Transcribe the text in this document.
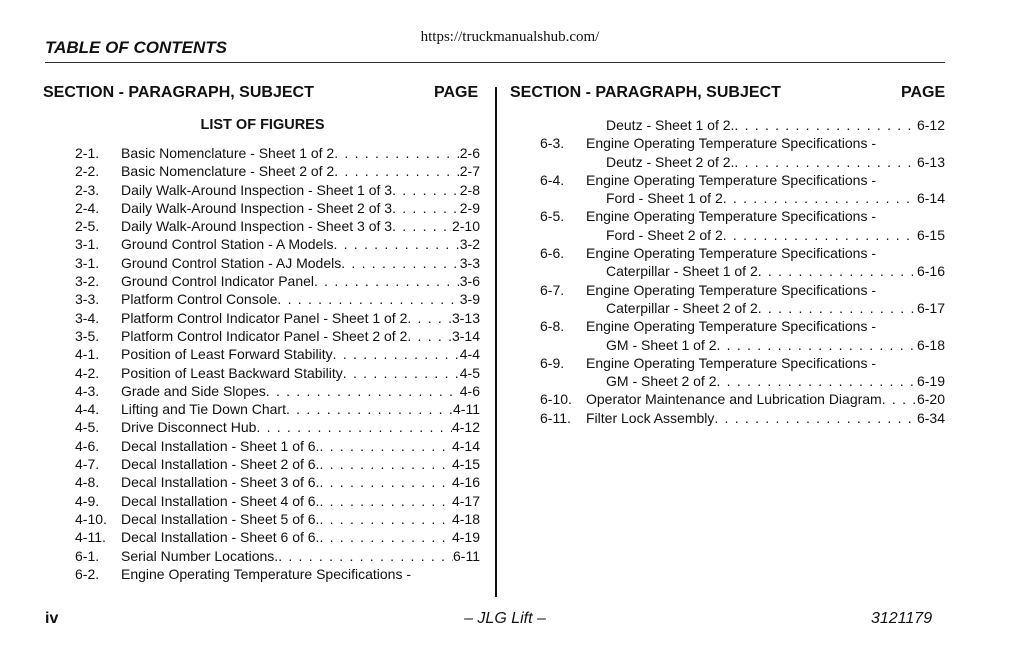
https://truckmanualshub.com/
TABLE OF CONTENTS
SECTION - PARAGRAPH, SUBJECT	PAGE SECTION - PARAGRAPH, SUBJECT	PAGE
LIST OF FIGURES
2-1. Basic Nomenclature - Sheet 1 of 2 . . .	2-6
2-2. Basic Nomenclature - Sheet 2 of 2 . . .	2-7
2-3. Daily Walk-Around Inspection - Sheet 1 of 3 . . .	2-8
2-4. Daily Walk-Around Inspection - Sheet 2 of 3 . . .	2-9
2-5. Daily Walk-Around Inspection - Sheet 3 of 3 . . .	2-10
3-1. Ground Control Station - A Models . . .	3-2
3-1. Ground Control Station - AJ Models . . .	3-3
3-2. Ground Control Indicator Panel . . .	3-6
3-3. Platform Control Console . . .	3-9
3-4. Platform Control Indicator Panel - Sheet 1 of 2 . . .	3-13
3-5. Platform Control Indicator Panel - Sheet 2 of 2 . . .	3-14
4-1. Position of Least Forward Stability . . .	4-4
4-2. Position of Least Backward Stability . . .	4-5
4-3. Grade and Side Slopes . . .	4-6
4-4. Lifting and Tie Down Chart . . .	4-11
4-5. Drive Disconnect Hub . . .	4-12
4-6. Decal Installation - Sheet 1 of 6. . . .	4-14
4-7. Decal Installation - Sheet 2 of 6. . . .	4-15
4-8. Decal Installation - Sheet 3 of 6. . . .	4-16
4-9. Decal Installation - Sheet 4 of 6. . . .	4-17
4-10. Decal Installation - Sheet 5 of 6. . . .	4-18
4-11. Decal Installation - Sheet 6 of 6. . . .	4-19
6-1. Serial Number Locations. . . .	6-11
6-2. Engine Operating Temperature Specifications -
Deutz - Sheet 1 of 2. . . .	6-12
6-3. Engine Operating Temperature Specifications -
Deutz - Sheet 2 of 2. . . .	6-13
6-4. Engine Operating Temperature Specifications -
Ford - Sheet 1 of 2 . . .	6-14
6-5. Engine Operating Temperature Specifications -
Ford - Sheet 2 of 2 . . .	6-15
6-6. Engine Operating Temperature Specifications -
Caterpillar - Sheet 1 of 2 . . .	6-16
6-7. Engine Operating Temperature Specifications -
Caterpillar - Sheet 2 of 2 . . .	6-17
6-8. Engine Operating Temperature Specifications -
GM - Sheet 1 of 2 . . .	6-18
6-9. Engine Operating Temperature Specifications -
GM - Sheet 2 of 2 . . .	6-19
6-10. Operator Maintenance and Lubrication Diagram . . .	6-20
6-11. Filter Lock Assembly . . .	6-34
iv	– JLG Lift –	3121179
